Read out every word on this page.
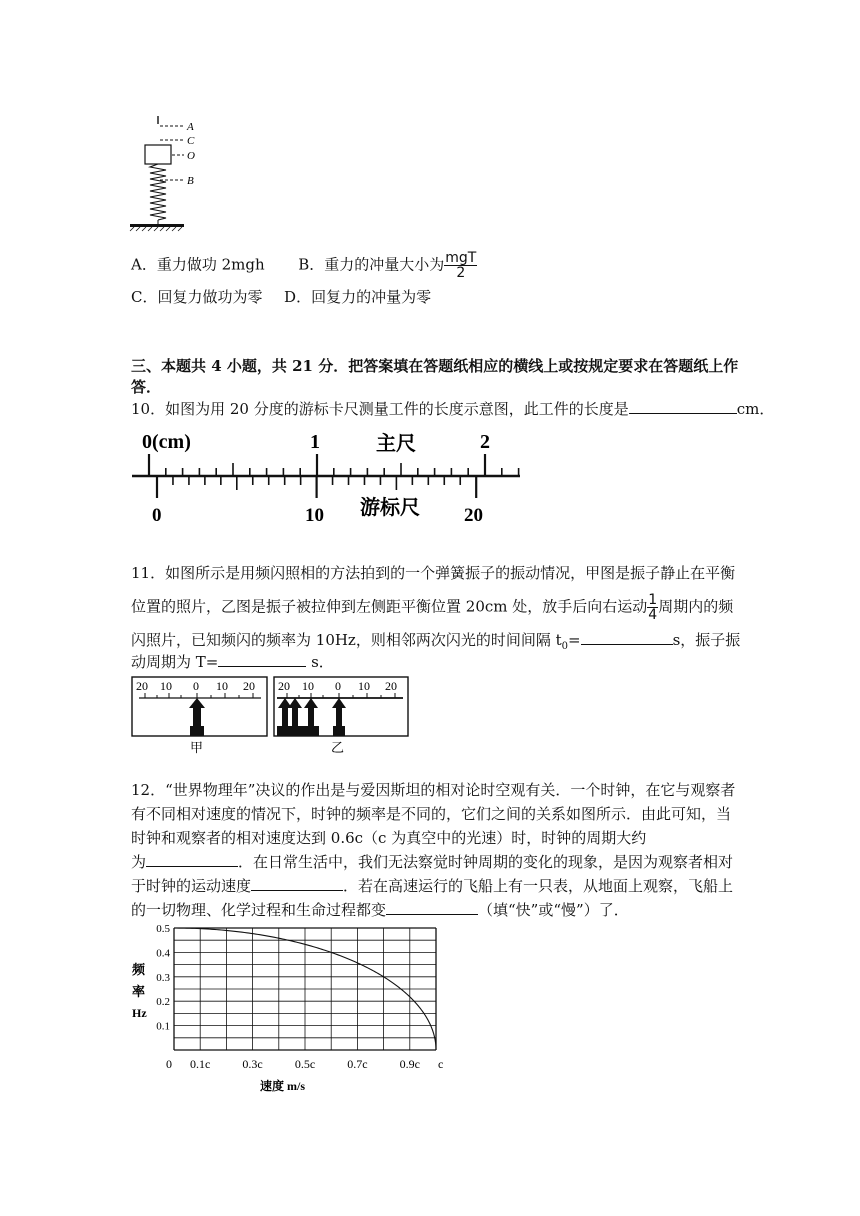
A
C
O
B
A．重力做功 2mgh B．重力的冲量大小为 $\frac{\text{mgT}}{2}$
C．回复力做功为零 D．回复力的冲量为零
三、本题共 4 小题，共 21 分．把答案填在答题纸相应的横线上或按规定要求在答题纸上作
答．
10．如图为用 20 分度的游标卡尺测量工件的长度示意图，此工件的长度是	cm．
0(cm)	1	2
主尺
0	10	20
游标尺
11．如图所示是用频闪照相的方法拍到的一个弹簧振子的振动情况，甲图是振子静止在平衡
位置的照片，乙图是振子被拉伸到左侧距平衡位置 20cm 处，放手后向右运动 $\frac{1}{4}$ 周期内的频
闪照片，已知频闪的频率为 10Hz，则相邻两次闪光的时间间隔 $t_0=$	s，振子振
动周期为 T=	s．
20 10 0 10 20
甲
20 10 0 10 20
乙
12．“世界物理年”决议的作出是与爱因斯坦的相对论时空观有关．一个时钟，在它与观察者
有不同相对速度的情况下，时钟的频率是不同的，它们之间的关系如图所示．由此可知，当
时钟和观察者的相对速度达到 0.6c（c 为真空中的光速）时，时钟的周期大约
为	．在日常生活中，我们无法察觉时钟周期的变化的现象，是因为观察者相对
于时钟的运动速度	．若在高速运行的飞船上有一只表，从地面上观察，飞船上
的一切物理、化学过程和生命过程都变	（填“快”或“慢”）了．
0.5
0.4
0.3
0.2
0.1
0 0.1c	0.3c	0.5c	0.7c	0.9c c
频
率
Hz
速度 m/s
